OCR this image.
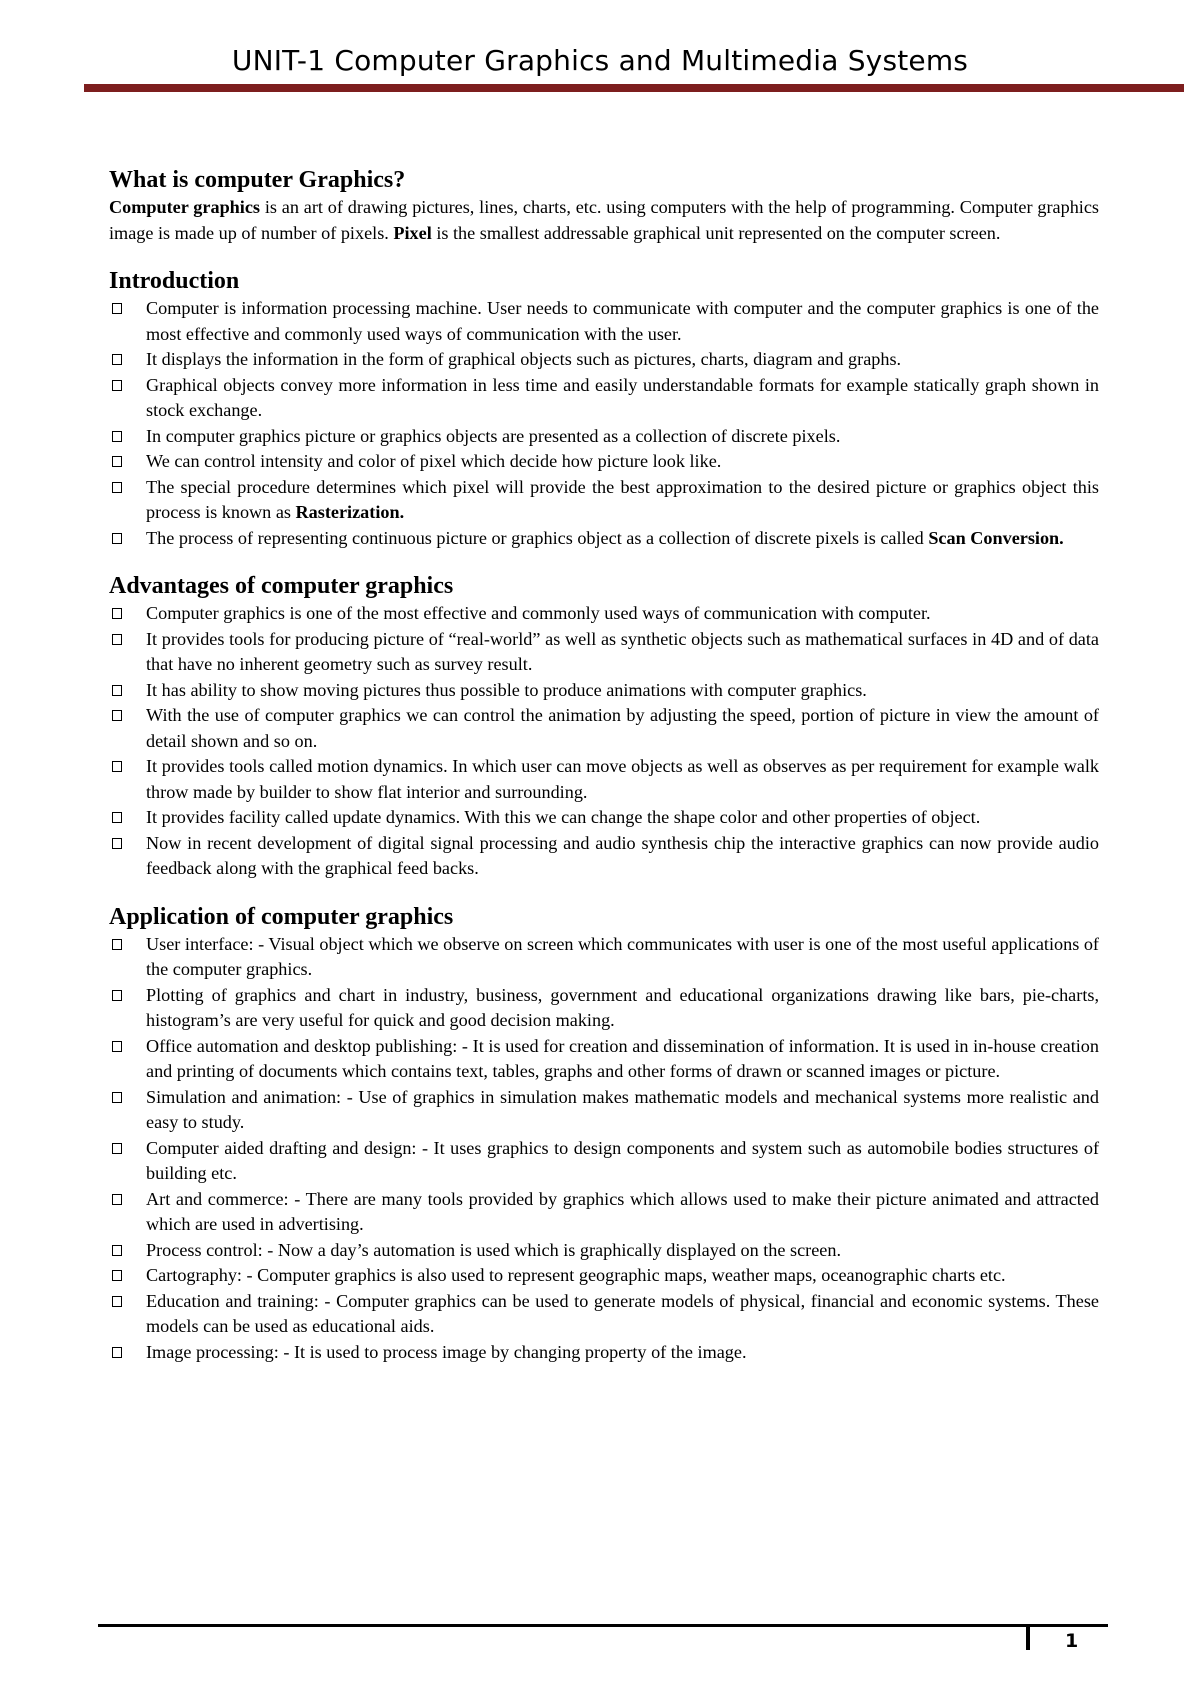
UNIT-1 Computer Graphics and Multimedia Systems
What is computer Graphics?

Computer graphics is an art of drawing pictures, lines, charts, etc. using computers with the help of programming. Computer graphics image is made up of number of pixels. Pixel is the smallest addressable graphical unit represented on the computer screen.

Introduction
Computer is information processing machine. User needs to communicate with computer and the computer graphics is one of the most effective and commonly used ways of communication with the user.
It displays the information in the form of graphical objects such as pictures, charts, diagram and graphs.
Graphical objects convey more information in less time and easily understandable formats for example statically graph shown in stock exchange.
In computer graphics picture or graphics objects are presented as a collection of discrete pixels.
We can control intensity and color of pixel which decide how picture look like.
The special procedure determines which pixel will provide the best approximation to the desired picture or graphics object this process is known as Rasterization.
The process of representing continuous picture or graphics object as a collection of discrete pixels is called Scan Conversion.
Advantages of computer graphics
Computer graphics is one of the most effective and commonly used ways of communication with computer.
It provides tools for producing picture of “real-world” as well as synthetic objects such as mathematical surfaces in 4D and of data that have no inherent geometry such as survey result.
It has ability to show moving pictures thus possible to produce animations with computer graphics.
With the use of computer graphics we can control the animation by adjusting the speed, portion of picture in view the amount of detail shown and so on.
It provides tools called motion dynamics. In which user can move objects as well as observes as per requirement for example walk throw made by builder to show flat interior and surrounding.
It provides facility called update dynamics. With this we can change the shape color and other properties of object.
Now in recent development of digital signal processing and audio synthesis chip the interactive graphics can now provide audio feedback along with the graphical feed backs.
Application of computer graphics
User interface: - Visual object which we observe on screen which communicates with user is one of the most useful applications of the computer graphics.
Plotting of graphics and chart in industry, business, government and educational organizations drawing like bars, pie-charts, histogram’s are very useful for quick and good decision making.
Office automation and desktop publishing: - It is used for creation and dissemination of information. It is used in in-house creation and printing of documents which contains text, tables, graphs and other forms of drawn or scanned images or picture.
Simulation and animation: - Use of graphics in simulation makes mathematic models and mechanical systems more realistic and easy to study.
Computer aided drafting and design: - It uses graphics to design components and system such as automobile bodies structures of building etc.
Art and commerce: - There are many tools provided by graphics which allows used to make their picture animated and attracted which are used in advertising.
Process control: - Now a day’s automation is used which is graphically displayed on the screen.
Cartography: - Computer graphics is also used to represent geographic maps, weather maps, oceanographic charts etc.
Education and training: - Computer graphics can be used to generate models of physical, financial and economic systems. These models can be used as educational aids.
Image processing: - It is used to process image by changing property of the image.
1
